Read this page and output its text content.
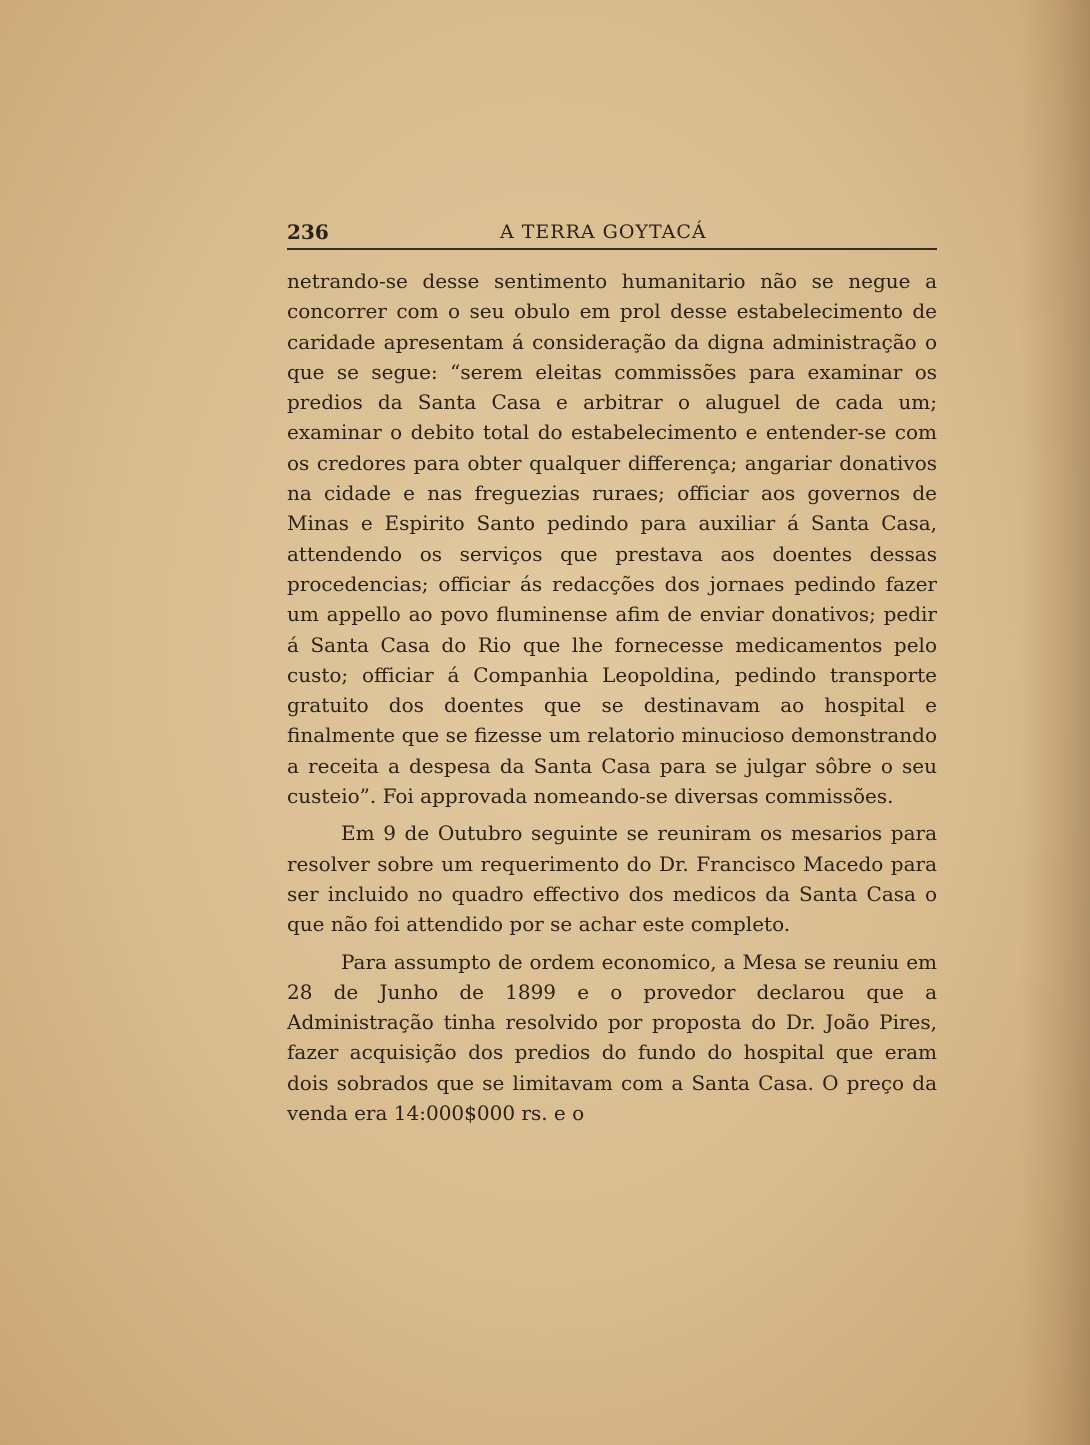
236	A TERRA GOYTACÁ

netrando-se desse sentimento humanitario não se negue a concorrer com o seu obulo em prol desse estabelecimento de caridade apresentam á consideração da digna administração o que se segue: “serem eleitas commissões para examinar os predios da Santa Casa e arbitrar o aluguel de cada um; examinar o debito total do estabelecimento e entender-se com os credores para obter qualquer differença; angariar donativos na cidade e nas freguezias ruraes; officiar aos governos de Minas e Espirito Santo pedindo para auxiliar á Santa Casa, attendendo os serviços que prestava aos doentes dessas procedencias; officiar ás redacções dos jornaes pedindo fazer um appello ao povo fluminense afim de enviar donativos; pedir á Santa Casa do Rio que lhe fornecesse medicamentos pelo custo; officiar á Companhia Leopoldina, pedindo transporte gratuito dos doentes que se destinavam ao hospital e finalmente que se fizesse um relatorio minucioso demonstrando a receita a despesa da Santa Casa para se julgar sôbre o seu custeio”. Foi approvada nomeando-se diversas commissões.

Em 9 de Outubro seguinte se reuniram os mesarios para resolver sobre um requerimento do Dr. Francisco Macedo para ser incluido no quadro effectivo dos medicos da Santa Casa o que não foi attendido por se achar este completo.

Para assumpto de ordem economico, a Mesa se reuniu em 28 de Junho de 1899 e o provedor declarou que a Administração tinha resolvido por proposta do Dr. João Pires, fazer acquisição dos predios do fundo do hospital que eram dois sobrados que se limitavam com a Santa Casa. O preço da venda era 14:000$000 rs. e o
